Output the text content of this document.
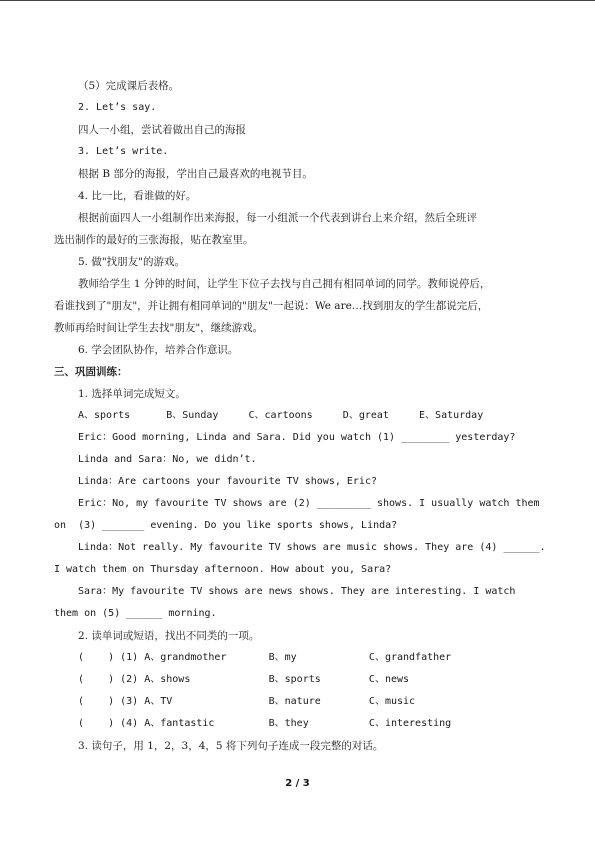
（5）完成课后表格。
2. Let’s say.
四人一小组，尝试着做出自己的海报
3. Let’s write.
根据 B 部分的海报，学出自己最喜欢的电视节目。
4. 比一比，看谁做的好。
根据前面四人一小组制作出来海报，每一小组派一个代表到讲台上来介绍，然后全班评
选出制作的最好的三张海报，贴在教室里。
5. 做"找朋友"的游戏。
教师给学生 1 分钟的时间，让学生下位子去找与自己拥有相同单词的同学。教师说停后，
看谁找到了"朋友"，并让拥有相同单词的"朋友"一起说：We are…找到朋友的学生都说完后，
教师再给时间让学生去找"朋友"，继续游戏。
6. 学会团队协作，培养合作意识。
三、巩固训练：
1. 选择单词完成短文。
A、sports      B、Sunday     C、cartoons     D、great     E、Saturday
Eric：Good morning, Linda and Sara. Did you watch (1) ________ yesterday?
Linda and Sara：No, we didn’t.
Linda：Are cartoons your favourite TV shows, Eric?
Eric：No, my favourite TV shows are (2) _________ shows. I usually watch them
on  (3) _______ evening. Do you like sports shows, Linda?
Linda：Not really. My favourite TV shows are music shows. They are (4) ______.
I watch them on Thursday afternoon. How about you, Sara?
Sara：My favourite TV shows are news shows. They are interesting. I watch
them on (5) ______ morning.
2. 读单词或短语，找出不同类的一项。
(    ) (1) A、grandmother       B、my            C、grandfather
(    ) (2) A、shows             B、sports        C、news
(    ) (3) A、TV                B、nature        C、music
(    ) (4) A、fantastic         B、they          C、interesting
3. 读句子，用 1，2，3，4，5 将下列句子连成一段完整的对话。
2 / 3
